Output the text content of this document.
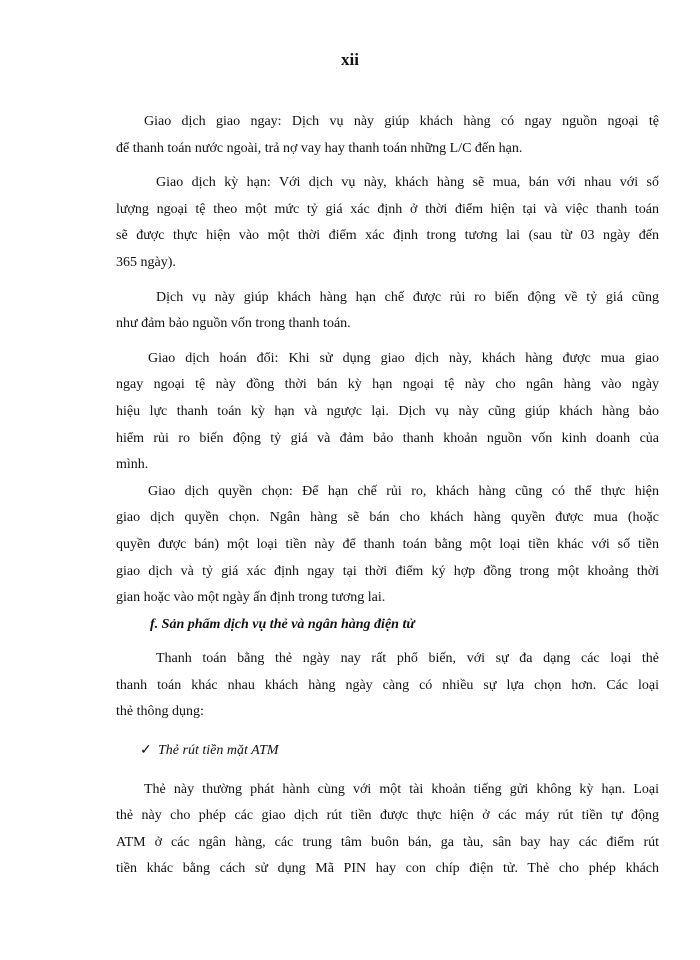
xii
Giao dịch giao ngay: Dịch vụ này giúp khách hàng có ngay nguồn ngoại tệ
để thanh toán nước ngoài, trả nợ vay hay thanh toán những L/C đến hạn.
Giao dịch kỳ hạn: Với dịch vụ này, khách hàng sẽ mua, bán với nhau với số
lượng ngoại tệ theo một mức tỷ giá xác định ở thời điểm hiện tại và việc thanh toán
sẽ được thực hiện vào một thời điểm xác định trong tương lai (sau từ 03 ngày đến
365 ngày).
Dịch vụ này giúp khách hàng hạn chế được rủi ro biến động về tỷ giá cũng
như đảm bảo nguồn vốn trong thanh toán.
Giao dịch hoán đổi: Khi sử dụng giao dịch này, khách hàng được mua giao
ngay ngoại tệ này đồng thời bán kỳ hạn ngoại tệ này cho ngân hàng vào ngày
hiệu lực thanh toán kỳ hạn và ngược lại. Dịch vụ này cũng giúp khách hàng bảo
hiểm rủi ro biến động tỷ giá và đảm bảo thanh khoản nguồn vốn kinh doanh của
mình.
Giao dịch quyền chọn: Để hạn chế rủi ro, khách hàng cũng có thể thực hiện
giao dịch quyền chọn. Ngân hàng sẽ bán cho khách hàng quyền được mua (hoặc
quyền được bán) một loại tiền này để thanh toán bằng một loại tiền khác với số tiền
giao dịch và tỷ giá xác định ngay tại thời điểm ký hợp đồng trong một khoảng thời
gian hoặc vào một ngày ấn định trong tương lai.
f. Sản phẩm dịch vụ thẻ và ngân hàng điện tử
Thanh toán bằng thẻ ngày nay rất phổ biến, với sự đa dạng các loại thẻ
thanh toán khác nhau khách hàng ngày càng có nhiều sự lựa chọn hơn. Các loại
thẻ thông dụng:
✓ Thẻ rút tiền mặt ATM
Thẻ này thường phát hành cùng với một tài khoản tiếng gửi không kỳ hạn. Loại
thẻ này cho phép các giao dịch rút tiền được thực hiện ở các máy rút tiền tự động
ATM ở các ngân hàng, các trung tâm buôn bán, ga tàu, sân bay hay các điểm rút
tiền khác bằng cách sử dụng Mã PIN hay con chíp điện tử. Thẻ cho phép khách
